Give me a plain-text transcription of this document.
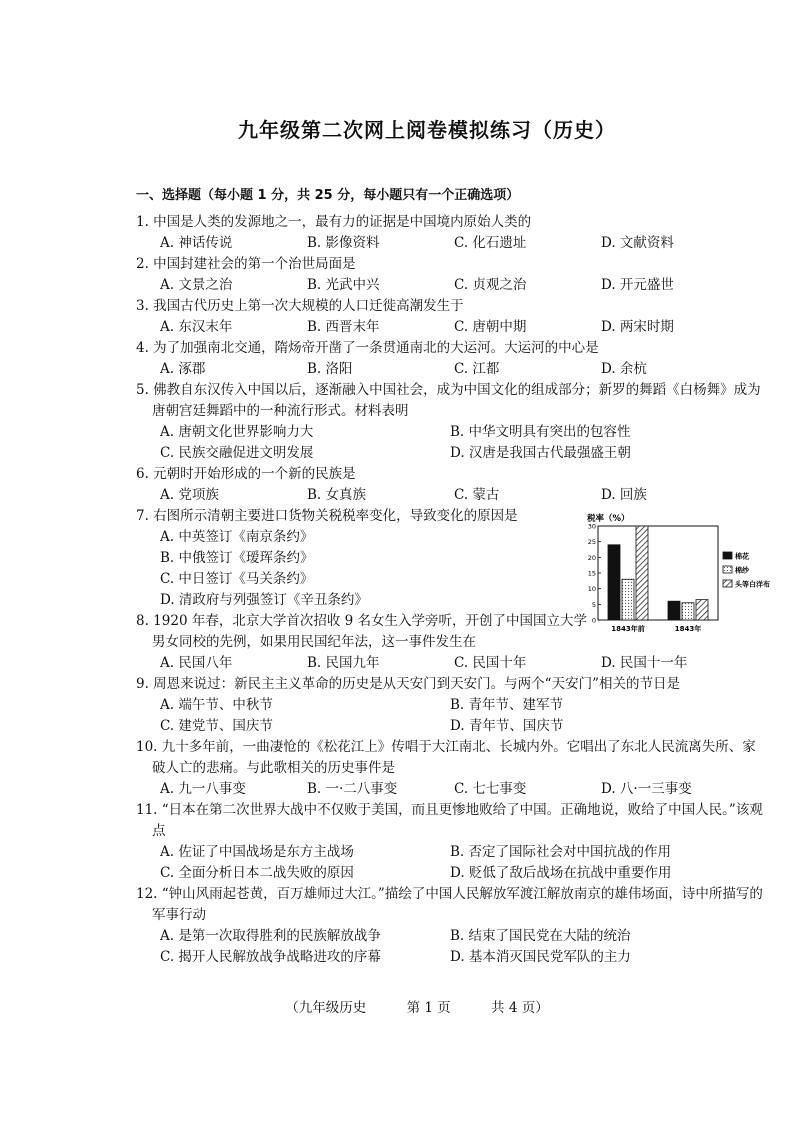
九年级第二次网上阅卷模拟练习（历史）
一、选择题（每小题 1 分，共 25 分，每小题只有一个正确选项）
1. 中国是人类的发源地之一，最有力的证据是中国境内原始人类的
A. 神话传说	B. 影像资料	C. 化石遗址	D. 文献资料
2. 中国封建社会的第一个治世局面是
A. 文景之治	B. 光武中兴	C. 贞观之治	D. 开元盛世
3. 我国古代历史上第一次大规模的人口迁徙高潮发生于
A. 东汉末年	B. 西晋末年	C. 唐朝中期	D. 两宋时期
4. 为了加强南北交通，隋炀帝开凿了一条贯通南北的大运河。大运河的中心是
A. 涿郡	B. 洛阳	C. 江都	D. 余杭
5. 佛教自东汉传入中国以后，逐渐融入中国社会，成为中国文化的组成部分；新罗的舞蹈《白杨舞》成为唐朝宫廷舞蹈中的一种流行形式。材料表明
A. 唐朝文化世界影响力大	B. 中华文明具有突出的包容性
C. 民族交融促进文明发展	D. 汉唐是我国古代最强盛王朝
6. 元朝时开始形成的一个新的民族是
A. 党项族	B. 女真族	C. 蒙古	D. 回族
7. 右图所示清朝主要进口货物关税税率变化，导致变化的原因是
A. 中英签订《南京条约》
B. 中俄签订《瑷珲条约》
C. 中日签订《马关条约》
D. 清政府与列强签订《辛丑条约》
8. 1920 年春，北京大学首次招收 9 名女生入学旁听，开创了中国国立大学男女同校的先例，如果用民国纪年法，这一事件发生在
A. 民国八年	B. 民国九年	C. 民国十年	D. 民国十一年
9. 周恩来说过：新民主主义革命的历史是从天安门到天安门。与两个“天安门”相关的节日是
A. 端午节、中秋节	B. 青年节、建军节
C. 建党节、国庆节	D. 青年节、国庆节
10. 九十多年前，一曲凄怆的《松花江上》传唱于大江南北、长城内外。它唱出了东北人民流离失所、家破人亡的悲痛。与此歌相关的历史事件是
A. 九一八事变	B. 一·二八事变	C. 七七事变	D. 八·一三事变
11. “日本在第二次世界大战中不仅败于美国，而且更惨地败给了中国。正确地说，败给了中国人民。”该观点
A. 佐证了中国战场是东方主战场	B. 否定了国际社会对中国抗战的作用
C. 全面分析日本二战失败的原因	D. 贬低了敌后战场在抗战中重要作用
12. “钟山风雨起苍黄，百万雄师过大江。”描绘了中国人民解放军渡江解放南京的雄伟场面，诗中所描写的军事行动
A. 是第一次取得胜利的民族解放战争	B. 结束了国民党在大陆的统治
C. 揭开人民解放战争战略进攻的序幕	D. 基本消灭国民党军队的主力
税率（%）
30
25
20
15
10
5
0
1843年前	1843年
棉花
棉纱
头等白洋布
（九年级历史	第 1 页	共 4 页）
